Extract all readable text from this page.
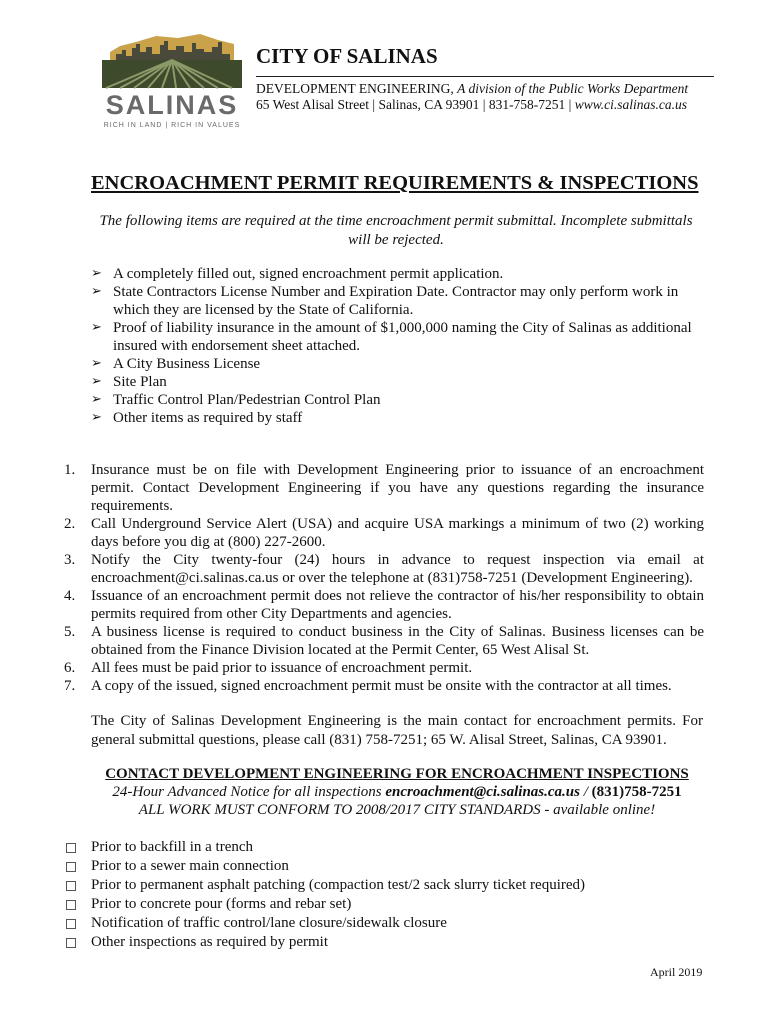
SALINAS
RICH IN LAND | RICH IN VALUES
CITY OF SALINAS
DEVELOPMENT ENGINEERING, A division of the Public Works Department
65 West Alisal Street | Salinas, CA 93901 | 831-758-7251 | www.ci.salinas.ca.us
ENCROACHMENT PERMIT REQUIREMENTS & INSPECTIONS
The following items are required at the time encroachment permit submittal. Incomplete submittals will be rejected.
➢ A completely filled out, signed encroachment permit application.
➢ State Contractors License Number and Expiration Date. Contractor may only perform work in which they are licensed by the State of California.
➢ Proof of liability insurance in the amount of $1,000,000 naming the City of Salinas as additional insured with endorsement sheet attached.
➢ A City Business License
➢ Site Plan
➢ Traffic Control Plan/Pedestrian Control Plan
➢ Other items as required by staff
1. Insurance must be on file with Development Engineering prior to issuance of an encroachment permit. Contact Development Engineering if you have any questions regarding the insurance requirements.
2. Call Underground Service Alert (USA) and acquire USA markings a minimum of two (2) working days before you dig at (800) 227-2600.
3. Notify the City twenty-four (24) hours in advance to request inspection via email at encroachment@ci.salinas.ca.us or over the telephone at (831)758-7251 (Development Engineering).
4. Issuance of an encroachment permit does not relieve the contractor of his/her responsibility to obtain permits required from other City Departments and agencies.
5. A business license is required to conduct business in the City of Salinas. Business licenses can be obtained from the Finance Division located at the Permit Center, 65 West Alisal St.
6. All fees must be paid prior to issuance of encroachment permit.
7. A copy of the issued, signed encroachment permit must be onsite with the contractor at all times.
The City of Salinas Development Engineering is the main contact for encroachment permits. For general submittal questions, please call (831) 758-7251; 65 W. Alisal Street, Salinas, CA 93901.
CONTACT DEVELOPMENT ENGINEERING FOR ENCROACHMENT INSPECTIONS
24-Hour Advanced Notice for all inspections encroachment@ci.salinas.ca.us / (831)758-7251
ALL WORK MUST CONFORM TO 2008/2017 CITY STANDARDS - available online!
Prior to backfill in a trench
Prior to a sewer main connection
Prior to permanent asphalt patching (compaction test/2 sack slurry ticket required)
Prior to concrete pour (forms and rebar set)
Notification of traffic control/lane closure/sidewalk closure
Other inspections as required by permit
April 2019
